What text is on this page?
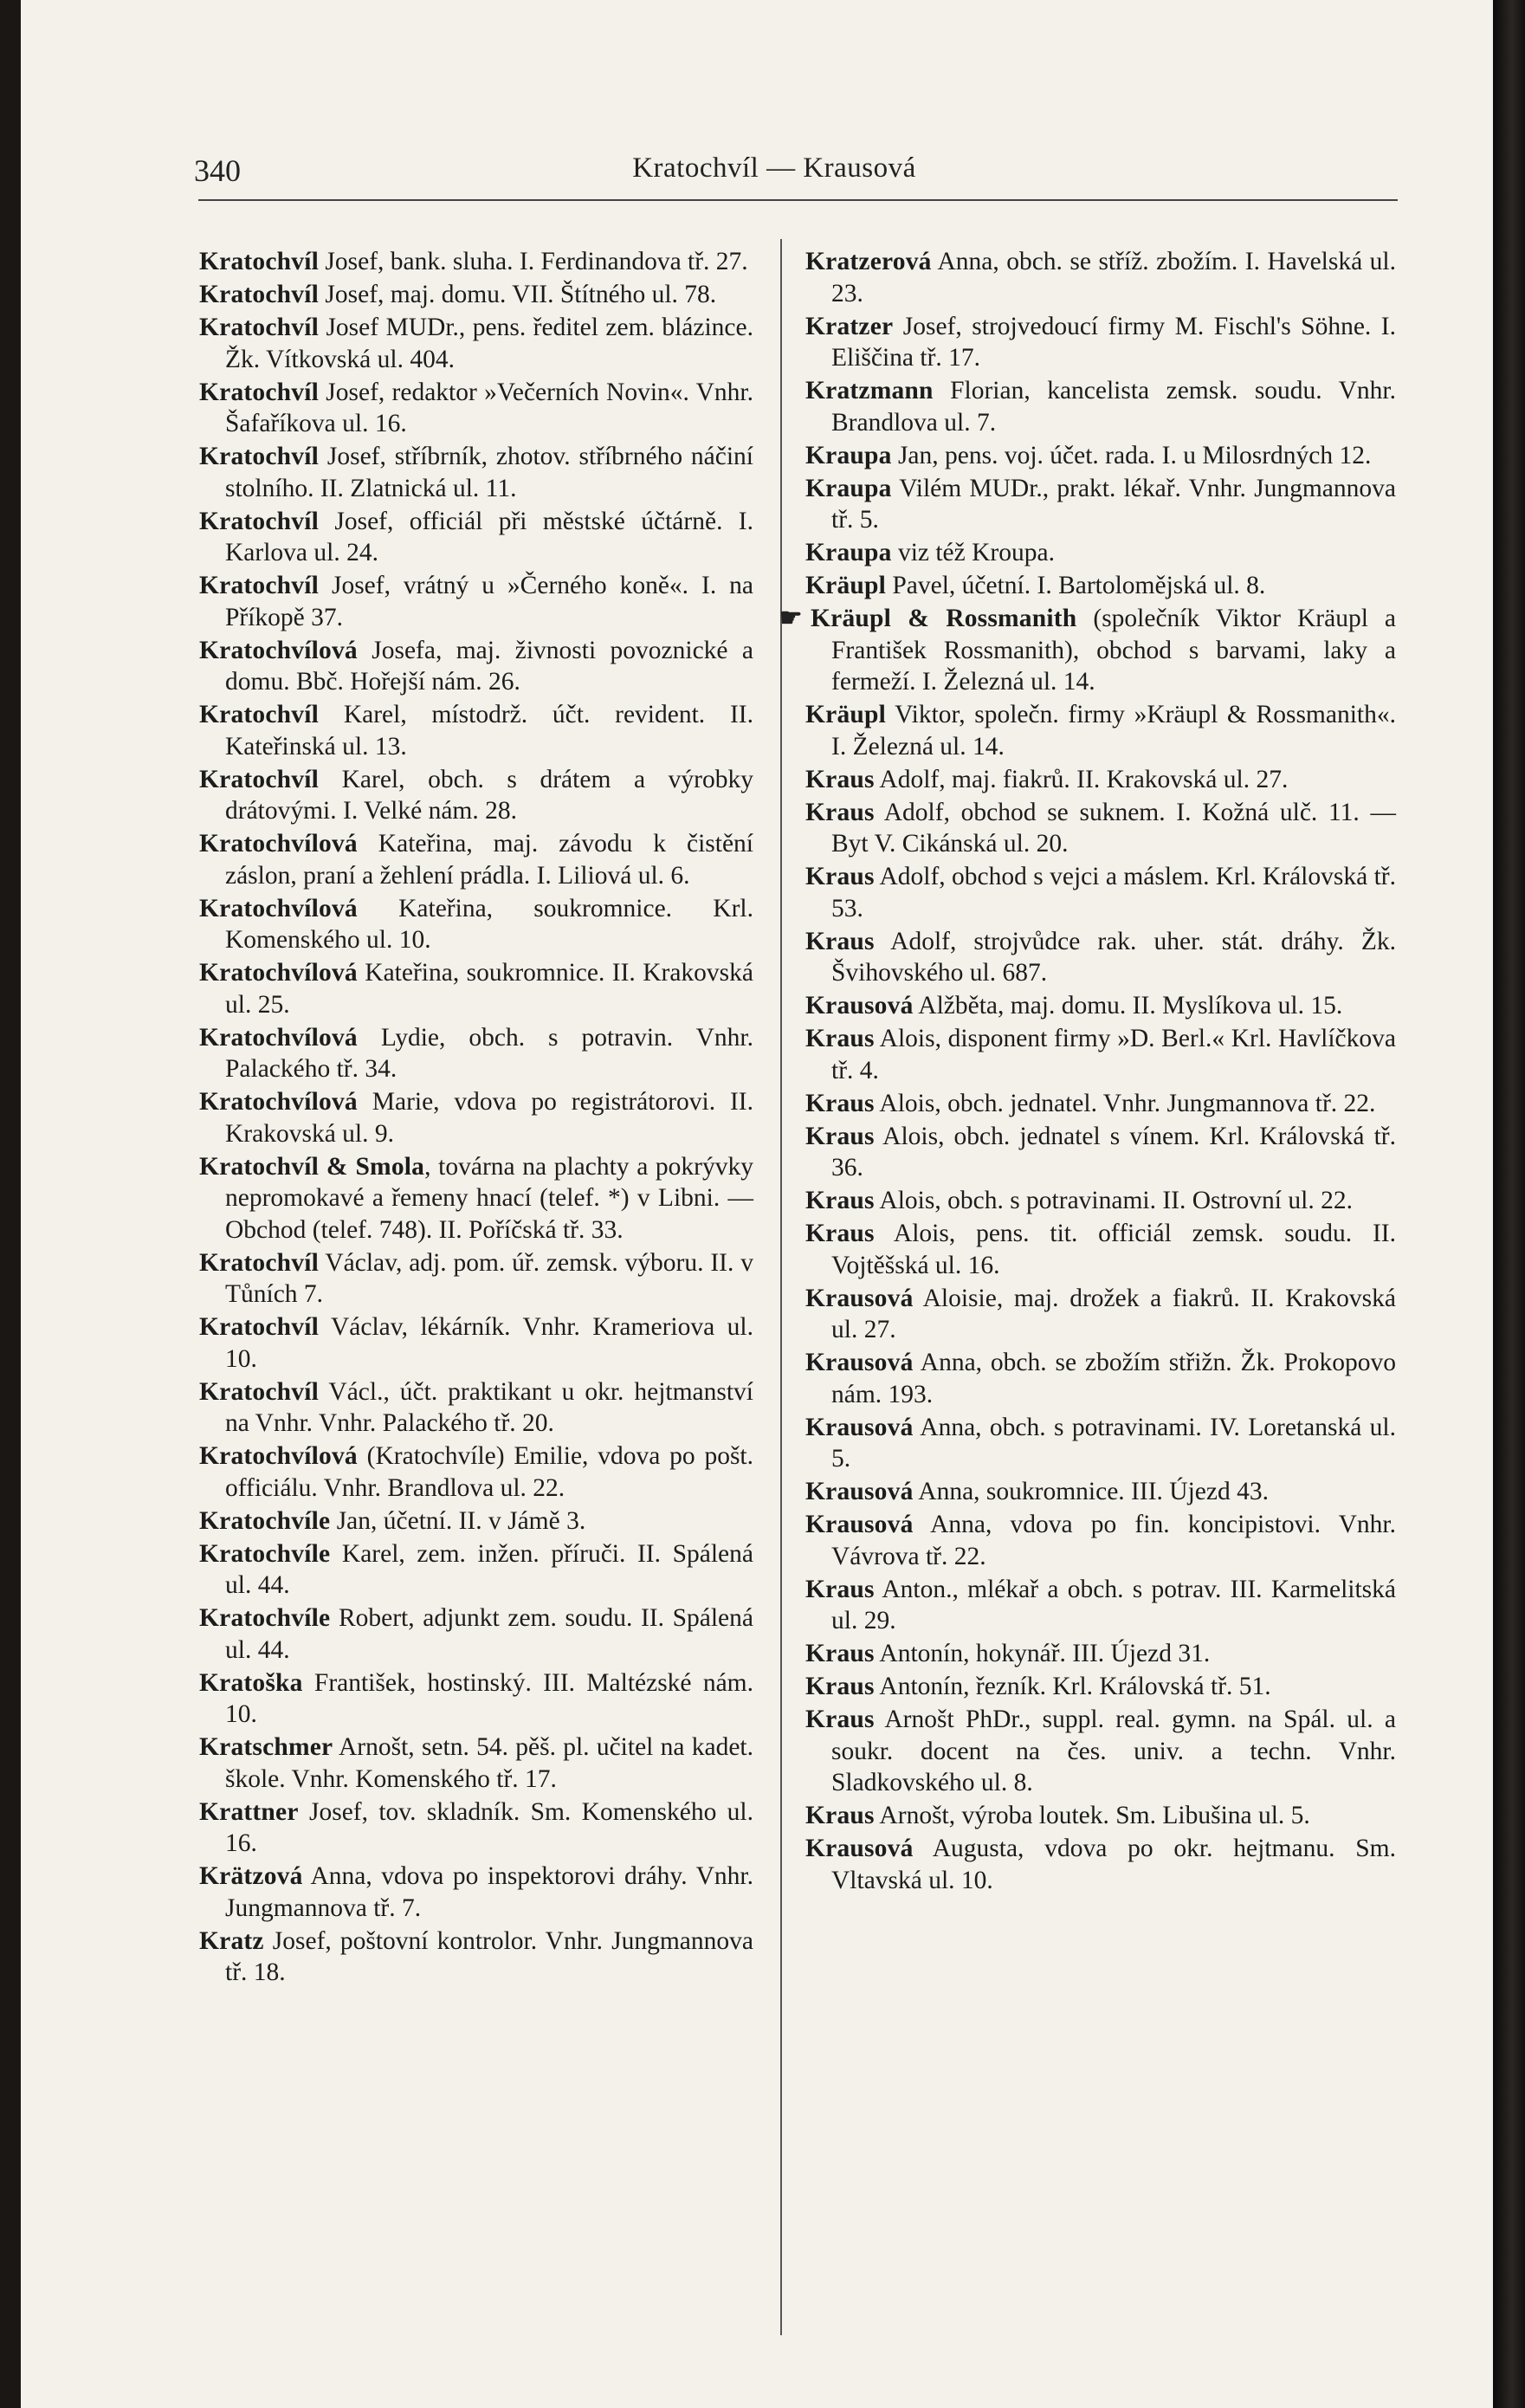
340	Kratochvíl — Krausová

Kratochvíl Josef, bank. sluha. I. Ferdinandova tř. 27.

Kratochvíl Josef, maj. domu. VII. Štítného ul. 78.

Kratochvíl Josef MUDr., pens. ředitel zem. blázince. Žk. Vítkovská ul. 404.

Kratochvíl Josef, redaktor »Večerních Novin«. Vnhr. Šafaříkova ul. 16.

Kratochvíl Josef, stříbrník, zhotov. stříbrného náčiní stolního. II. Zlatnická ul. 11.

Kratochvíl Josef, officiál při městské účtárně. I. Karlova ul. 24.

Kratochvíl Josef, vrátný u »Černého koně«. I. na Příkopě 37.

Kratochvílová Josefa, maj. živnosti povoznické a domu. Bbč. Hořejší nám. 26.

Kratochvíl Karel, místodrž. účt. revident. II. Kateřinská ul. 13.

Kratochvíl Karel, obch. s drátem a výrobky drátovými. I. Velké nám. 28.

Kratochvílová Kateřina, maj. závodu k čistění záslon, praní a žehlení prádla. I. Liliová ul. 6.

Kratochvílová Kateřina, soukromnice. Krl. Komenského ul. 10.

Kratochvílová Kateřina, soukromnice. II. Krakovská ul. 25.

Kratochvílová Lydie, obch. s potravin. Vnhr. Palackého tř. 34.

Kratochvílová Marie, vdova po registrátorovi. II. Krakovská ul. 9.

Kratochvíl & Smola, továrna na plachty a pokrývky nepromokavé a řemeny hnací (telef. *) v Libni. — Obchod (telef. 748). II. Poříčská tř. 33.

Kratochvíl Václav, adj. pom. úř. zemsk. výboru. II. v Tůních 7.

Kratochvíl Václav, lékárník. Vnhr. Krameriova ul. 10.

Kratochvíl Václ., účt. praktikant u okr. hejtmanství na Vnhr. Vnhr. Palackého tř. 20.

Kratochvílová (Kratochvíle) Emilie, vdova po pošt. officiálu. Vnhr. Brandlova ul. 22.

Kratochvíle Jan, účetní. II. v Jámě 3.

Kratochvíle Karel, zem. inžen. příruči. II. Spálená ul. 44.

Kratochvíle Robert, adjunkt zem. soudu. II. Spálená ul. 44.

Kratoška František, hostinský. III. Maltézské nám. 10.

Kratschmer Arnošt, setn. 54. pěš. pl. učitel na kadet. škole. Vnhr. Komenského tř. 17.

Krattner Josef, tov. skladník. Sm. Komenského ul. 16.

Krätzová Anna, vdova po inspektorovi dráhy. Vnhr. Jungmannova tř. 7.

Kratz Josef, poštovní kontrolor. Vnhr. Jungmannova tř. 18.

Kratzerová Anna, obch. se stříž. zbožím. I. Havelská ul. 23.

Kratzer Josef, strojvedoucí firmy M. Fischl's Söhne. I. Eliščina tř. 17.

Kratzmann Florian, kancelista zemsk. soudu. Vnhr. Brandlova ul. 7.

Kraupa Jan, pens. voj. účet. rada. I. u Milosrdných 12.

Kraupa Vilém MUDr., prakt. lékař. Vnhr. Jungmannova tř. 5.

Kraupa viz též Kroupa.

Kräupl Pavel, účetní. I. Bartolomějská ul. 8.

☛ Kräupl & Rossmanith (společník Viktor Kräupl a František Rossmanith), obchod s barvami, laky a fermeží. I. Železná ul. 14.

Kräupl Viktor, společn. firmy »Kräupl & Rossmanith«. I. Železná ul. 14.

Kraus Adolf, maj. fiakrů. II. Krakovská ul. 27.

Kraus Adolf, obchod se suknem. I. Kožná ulč. 11. — Byt V. Cikánská ul. 20.

Kraus Adolf, obchod s vejci a máslem. Krl. Královská tř. 53.

Kraus Adolf, strojvůdce rak. uher. stát. dráhy. Žk. Švihovského ul. 687.

Krausová Alžběta, maj. domu. II. Myslíkova ul. 15.

Kraus Alois, disponent firmy »D. Berl.« Krl. Havlíčkova tř. 4.

Kraus Alois, obch. jednatel. Vnhr. Jungmannova tř. 22.

Kraus Alois, obch. jednatel s vínem. Krl. Královská tř. 36.

Kraus Alois, obch. s potravinami. II. Ostrovní ul. 22.

Kraus Alois, pens. tit. officiál zemsk. soudu. II. Vojtěšská ul. 16.

Krausová Aloisie, maj. drožek a fiakrů. II. Krakovská ul. 27.

Krausová Anna, obch. se zbožím střižn. Žk. Prokopovo nám. 193.

Krausová Anna, obch. s potravinami. IV. Loretanská ul. 5.

Krausová Anna, soukromnice. III. Újezd 43.

Krausová Anna, vdova po fin. koncipistovi. Vnhr. Vávrova tř. 22.

Kraus Anton., mlékař a obch. s potrav. III. Karmelitská ul. 29.

Kraus Antonín, hokynář. III. Újezd 31.

Kraus Antonín, řezník. Krl. Královská tř. 51.

Kraus Arnošt PhDr., suppl. real. gymn. na Spál. ul. a soukr. docent na čes. univ. a techn. Vnhr. Sladkovského ul. 8.

Kraus Arnošt, výroba loutek. Sm. Libušina ul. 5.

Krausová Augusta, vdova po okr. hejtmanu. Sm. Vltavská ul. 10.
